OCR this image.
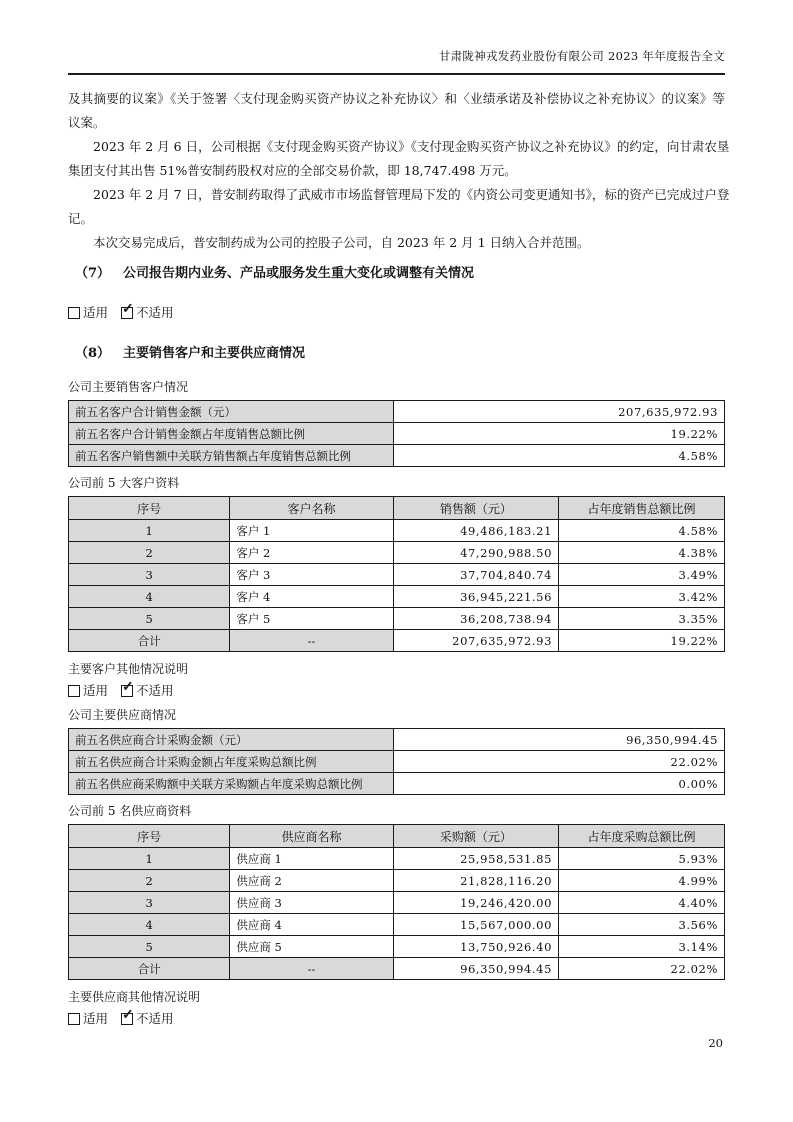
甘肃陇神戎发药业股份有限公司 2023 年年度报告全文
及其摘要的议案》《关于签署〈支付现金购买资产协议之补充协议〉和〈业绩承诺及补偿协议之补充协议〉的议案》等
议案。
2023 年 2 月 6 日，公司根据《支付现金购买资产协议》《支付现金购买资产协议之补充协议》的约定，向甘肃农垦
集团支付其出售 51%普安制药股权对应的全部交易价款，即 18,747.498 万元。
2023 年 2 月 7 日，普安制药取得了武威市市场监督管理局下发的《内资公司变更通知书》，标的资产已完成过户登
记。
本次交易完成后，普安制药成为公司的控股子公司，自 2023 年 2 月 1 日纳入合并范围。
（7） 公司报告期内业务、产品或服务发生重大变化或调整有关情况
适用 ✓ 不适用
（8） 主要销售客户和主要供应商情况
公司主要销售客户情况
前五名客户合计销售金额（元）	207,635,972.93
前五名客户合计销售金额占年度销售总额比例	19.22%
前五名客户销售额中关联方销售额占年度销售总额比例	4.58%
公司前 5 大客户资料
序号	客户名称	销售额（元）	占年度销售总额比例
1	客户 1	49,486,183.21	4.58%
2	客户 2	47,290,988.50	4.38%
3	客户 3	37,704,840.74	3.49%
4	客户 4	36,945,221.56	3.42%
5	客户 5	36,208,738.94	3.35%
合计	--	207,635,972.93	19.22%
主要客户其他情况说明
适用 ✓ 不适用
公司主要供应商情况
前五名供应商合计采购金额（元）	96,350,994.45
前五名供应商合计采购金额占年度采购总额比例	22.02%
前五名供应商采购额中关联方采购额占年度采购总额比例	0.00%
公司前 5 名供应商资料
序号	供应商名称	采购额（元）	占年度采购总额比例
1	供应商 1	25,958,531.85	5.93%
2	供应商 2	21,828,116.20	4.99%
3	供应商 3	19,246,420.00	4.40%
4	供应商 4	15,567,000.00	3.56%
5	供应商 5	13,750,926.40	3.14%
合计	--	96,350,994.45	22.02%
主要供应商其他情况说明
适用 ✓ 不适用
20
